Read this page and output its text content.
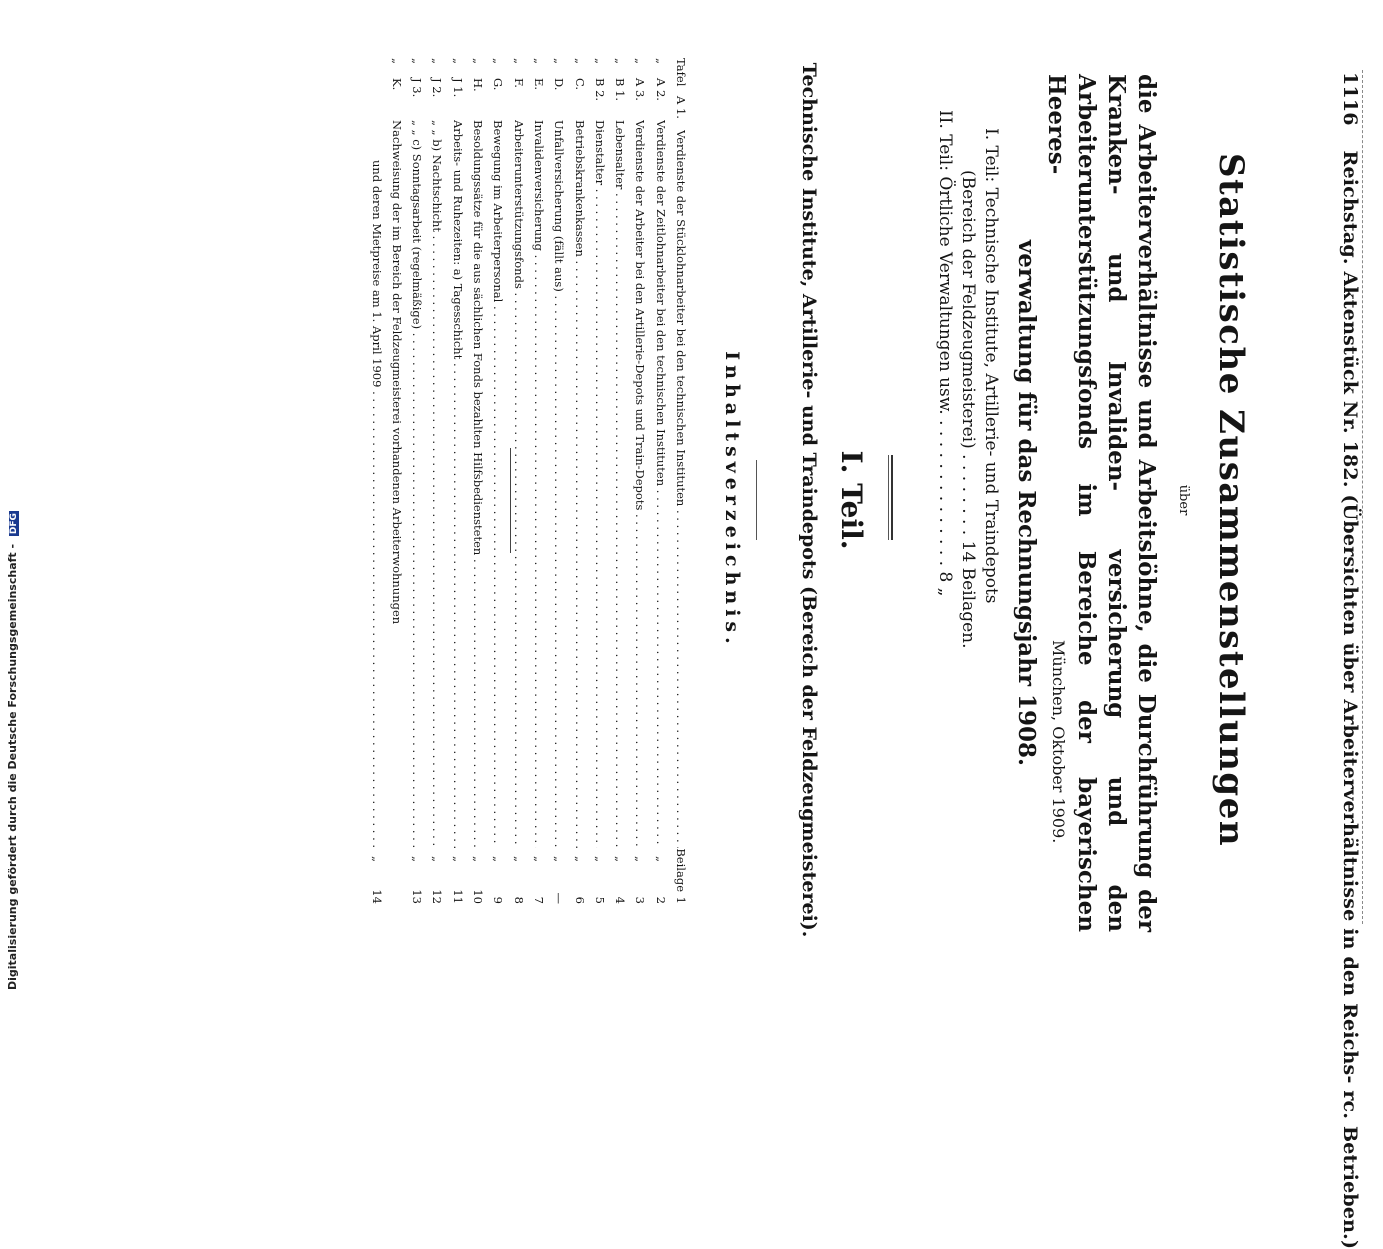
1116 Reichstag. Aktenstück Nr. 182. (Übersichten über Arbeiterverhältnisse in den Reichs- rc. Betrieben.)
Statistische Zusammenstellungen
über
die Arbeiterverhältnisse und Arbeitslöhne, die Durchführung der Kranken- und Invaliden- versicherung und den Arbeiterunterstützungsfonds im Bereiche der bayerischen Heeres-
verwaltung für das Rechnungsjahr 1908. München, Oktober 1909.
I. Teil: Technische Institute, Artillerie- und Traindepots
(Bereich der Feldzeugmeisterei) . . . . . . . . 14 Beilagen.
II. Teil: Örtliche Verwaltungen usw. . . . . . . . . . . . . . . 8 „
I. Teil.
Technische Institute, Artillerie- und Traindepots (Bereich der Feldzeugmeisterei).
Inhaltsverzeichnis.
Tafel
A 1.
Verdienste der Stücklohnarbeiter bei den technischen Instituten . . .
Beilage
1
„
A 2.
Verdienste der Zeitlohnarbeiter bei den technischen Instituten . . .
„
2
„
A 3.
Verdienste der Arbeiter bei den Artillerie-Depots und Train-Depots . . .
„
3
„
B 1.
Lebensalter . . .
„
4
„
B 2.
Dienstalter . . .
„
5
„
C.
Betriebskrankenkassen . . .
„
6
„
D.
Unfallversicherung (fällt aus) . . .
„
—
„
E.
Invalidenversicherung . . .
„
7
„
F.
Arbeiterunterstützungsfonds . . .
„
8
„
G.
Bewegung im Arbeiterpersonal . . .
„
9
„
H.
Besoldungssätze für die aus sächlichen Fonds bezahlten Hilfsbediensteten . . .
„
10
„
J 1.
Arbeits- und Ruhezeiten: a) Tagesschicht . . .
„
11
„
J 2.
„ „ b) Nachtschicht . . .
„
12
„
J 3.
„ „ c) Sonntagsarbeit (regelmäßige) . . .
„
13
„
K.
Nachweisung der im Bereich der Feldzeugmeisterei vorhandenen Arbeiterwohnungen
und deren Mietpreise am 1. April 1909 . . .
„
14
Digitalisierung gefördert durch die Deutsche Forschungsgemeinschaft - DFG
